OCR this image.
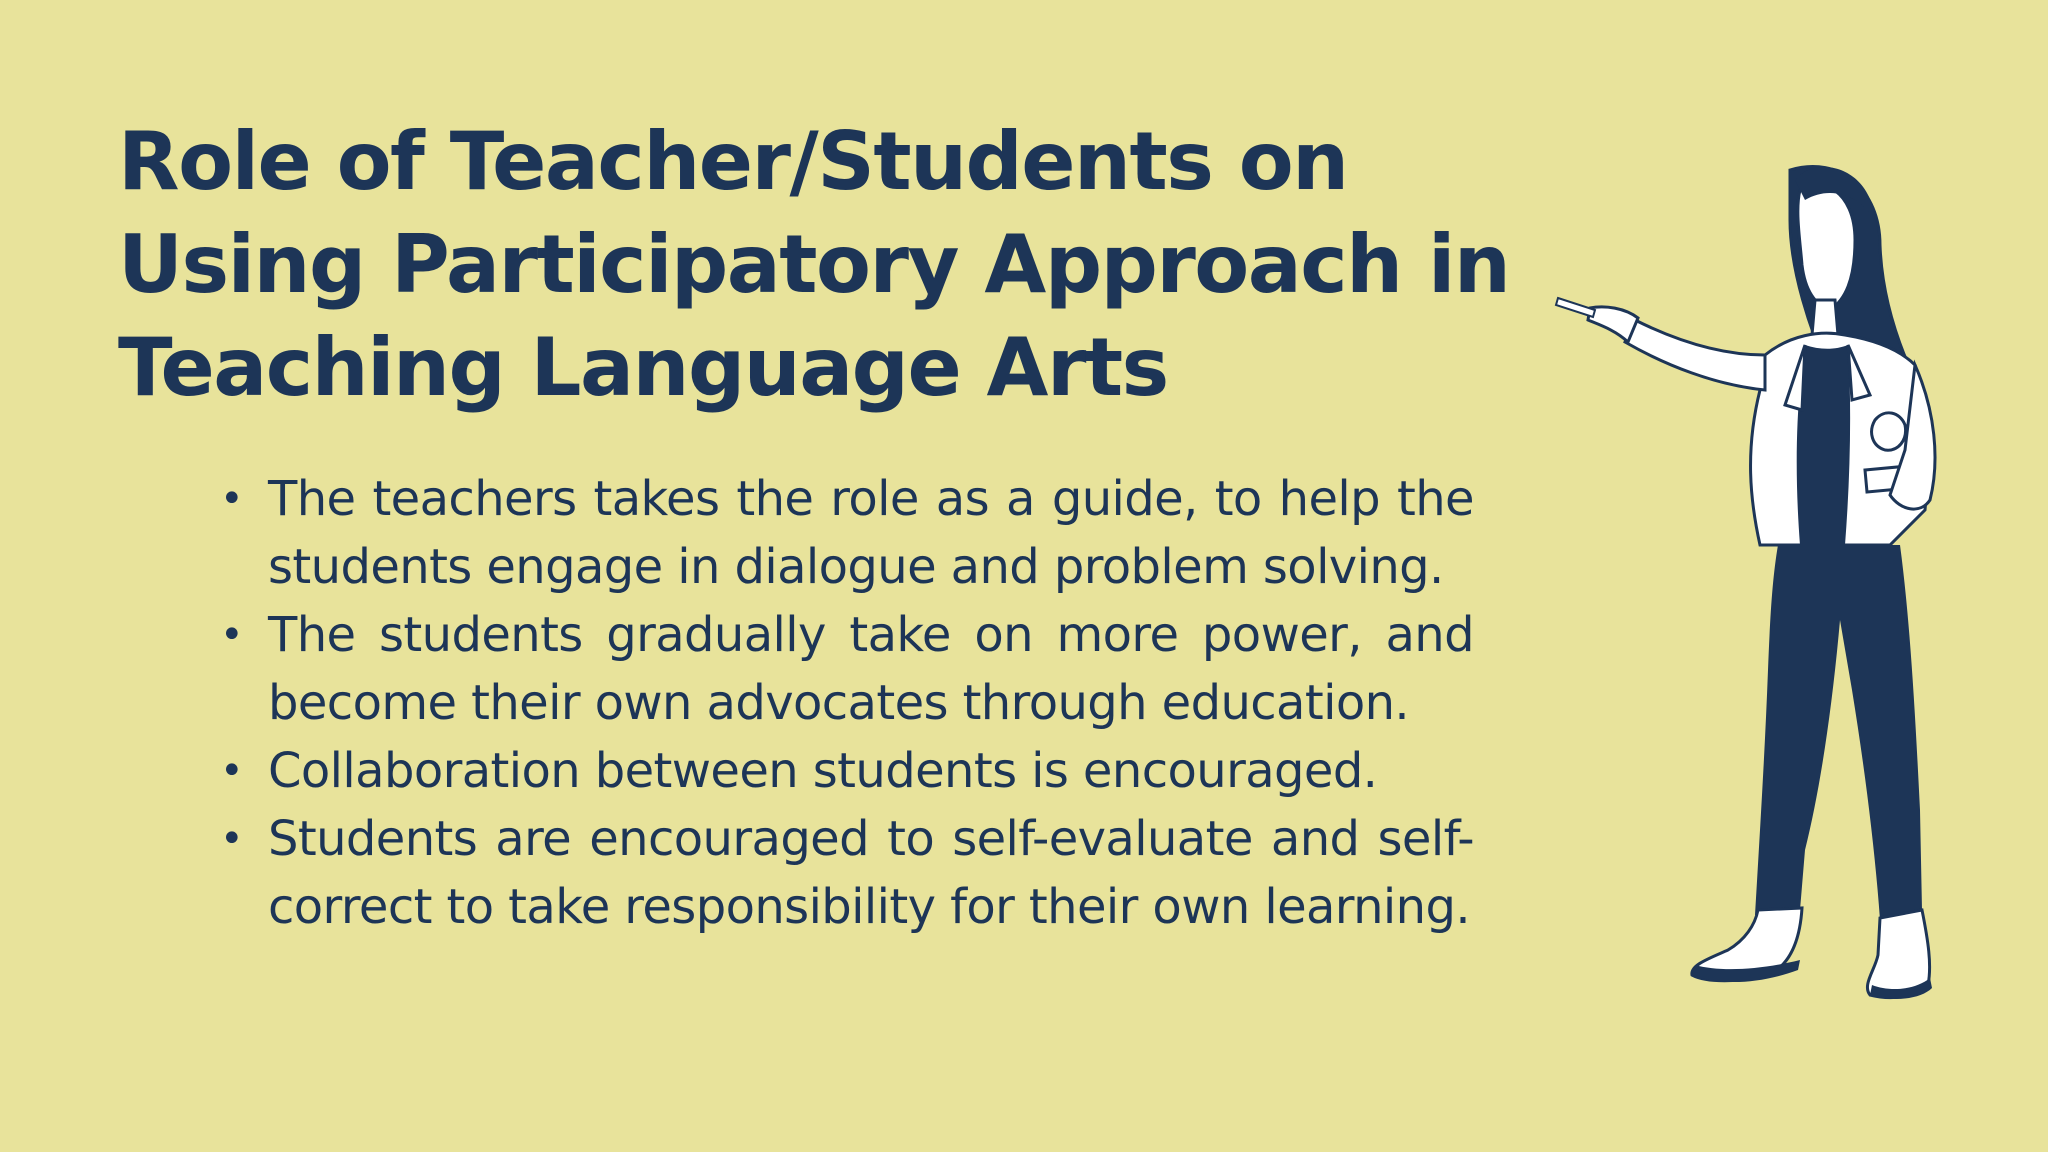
Role of Teacher/Students on Using Participatory Approach in Teaching Language Arts
• The teachers takes the role as a guide, to help the students engage in dialogue and problem solving.
• The students gradually take on more power, and become their own advocates through education.
• Collaboration between students is encouraged.
• Students are encouraged to self-evaluate and self-correct to take responsibility for their own learning.
